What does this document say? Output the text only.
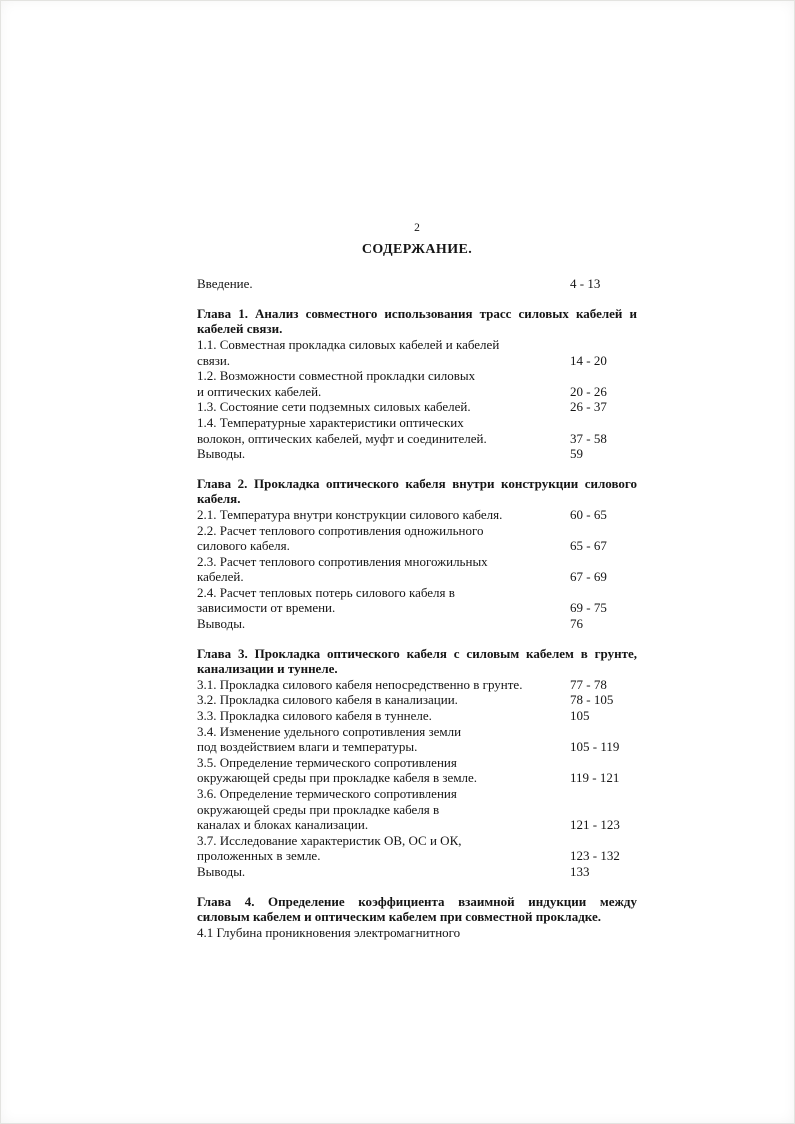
2
СОДЕРЖАНИЕ.
Введение.	4 - 13
Глава 1. Анализ совместного использования трасс силовых кабелей и
кабелей связи.
1.1. Совместная прокладка силовых кабелей и кабелей
связи.	14 - 20
1.2. Возможности совместной прокладки силовых
и оптических кабелей.	20 - 26
1.3. Состояние сети подземных силовых кабелей.	26 - 37
1.4. Температурные характеристики оптических
волокон, оптических кабелей, муфт и соединителей.	37 - 58
Выводы.	59
Глава 2. Прокладка оптического кабеля внутри конструкции силового
кабеля.
2.1. Температура внутри конструкции силового кабеля.	60 - 65
2.2. Расчет теплового сопротивления одножильного
силового кабеля.	65 - 67
2.3. Расчет теплового сопротивления многожильных
кабелей.	67 - 69
2.4. Расчет тепловых потерь силового кабеля в
зависимости от времени.	69 - 75
Выводы.	76
Глава 3. Прокладка оптического кабеля с силовым кабелем в грунте,
канализации и туннеле.
3.1. Прокладка силового кабеля непосредственно в грунте.	77 - 78
3.2. Прокладка силового кабеля в канализации.	78 - 105
3.3. Прокладка силового кабеля в туннеле.	105
3.4. Изменение удельного сопротивления земли
под воздействием влаги и температуры.	105 - 119
3.5. Определение термического сопротивления
окружающей среды при прокладке кабеля в земле.	119 - 121
3.6. Определение термического сопротивления
окружающей среды при прокладке кабеля в
каналах и блоках канализации.	121 - 123
3.7. Исследование характеристик ОВ, ОС и ОК,
проложенных в земле.	123 - 132
Выводы.	133
Глава 4. Определение коэффициента взаимной индукции между
силовым кабелем и оптическим кабелем при совместной прокладке.
4.1 Глубина проникновения электромагнитного
